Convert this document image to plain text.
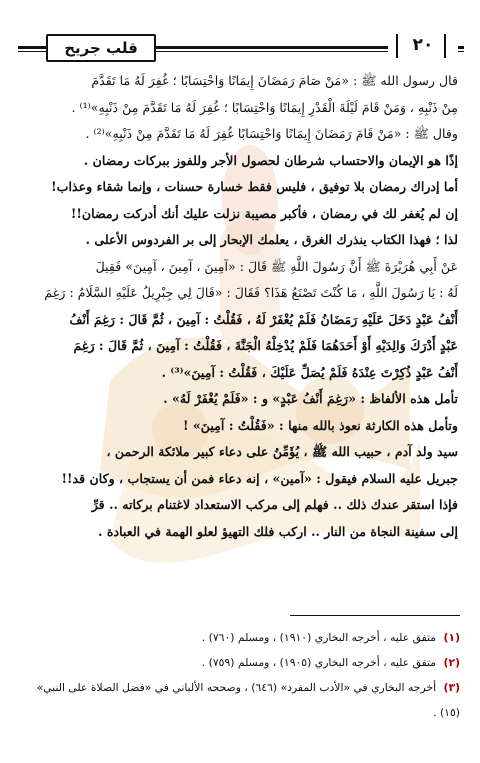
قلب جريح	٢٠
قال رسول الله ﷺ : «مَنْ صَامَ رَمَضَانَ إِيمَانًا وَاحْتِسَابًا ؛ غُفِرَ لَهُ مَا تَقَدَّمَ
مِنْ ذَنْبِهِ ، وَمَنْ قَامَ لَيْلَةَ الْقَدْرِ إِيمَانًا وَاحْتِسَابًا ؛ غُفِرَ لَهُ مَا تَقَدَّمَ مِنْ ذَنْبِهِ»⁽¹⁾ .
وقال ﷺ : «مَنْ قَامَ رَمَضَانَ إِيمَانًا وَاحْتِسَابًا غُفِرَ لَهُ مَا تَقَدَّمَ مِنْ ذَنْبِهِ»⁽²⁾ .
إذًا هو الإيمان والاحتساب شرطان لحصول الأجر وللفوز ببركات رمضان .
أما إدراك رمضان بلا توفيق ، فليس فقط خسارة حسنات ، وإنما شقاء وعذاب!
إن لم يُغفر لك في رمضان ، فأكبر مصيبة نزلت عليك أنك أدركت رمضان!!
لذا ؛ فهذا الكتاب ينذرك الغرق ، يعلمك الإبحار إلى بر الفردوس الأعلى .
عَنْ أَبِي هُرَيْرَةَ ﷺ أَنَّ رَسُولَ اللَّهِ ﷺ قَالَ : «آمِينَ ، آمِينَ ، آمِينَ» فَقِيلَ
لَهُ : يَا رَسُولَ اللَّهِ ، مَا كُنْتَ تَصْنَعُ هَذَا؟ فَقَالَ : «قَالَ لِي جِبْرِيلُ عَلَيْهِ السَّلَامُ : رَغِمَ
أَنْفُ عَبْدٍ دَخَلَ عَلَيْهِ رَمَضَانُ فَلَمْ يُغْفَرْ لَهُ ، فَقُلْتُ : آمِينَ ، ثُمَّ قَالَ : رَغِمَ أَنْفُ
عَبْدٍ أَدْرَكَ وَالِدَيْهِ أَوْ أَحَدَهُمَا فَلَمْ يُدْخِلْهُ الْجَنَّةَ ، فَقُلْتُ : آمِينَ ، ثُمَّ قَالَ : رَغِمَ
أَنْفُ عَبْدٍ ذُكِرْتَ عِنْدَهُ فَلَمْ يُصَلِّ عَلَيْكَ ، فَقُلْتُ : آمِينَ»⁽³⁾ .
تأمل هذه الألفاظ : «رَغِمَ أَنْفُ عَبْدٍ» و : «فَلَمْ يُغْفَرْ لَهُ» .
وتأمل هذه الكارثة نعوذ بالله منها : «فَقُلْتُ : آمِينَ» !
سيد ولد آدم ، حبيب الله ﷺ ، يُؤَمِّنُ على دعاء كبير ملائكة الرحمن ،
جبريل عليه السلام فيقول : «آمين» ، إنه دعاء فمن أن يستجاب ، وكان قد!!
فإذا استقر عندك ذلك .. فهلم إلى مركب الاستعداد لاغتنام بركاته .. قرِّ
إلى سفينة النجاة من النار .. اركب فلك التهيؤ لعلو الهمة في العبادة .
(١) متفق عليه ، أخرجه البخاري (١٩١٠) ، ومسلم (٧٦٠) .
(٢) متفق عليه ، أخرجه البخاري (١٩٠٥) ، ومسلم (٧٥٩) .
(٣) أخرجه البخاري في «الأدب المفرد» (٦٤٦) ، وصححه الألباني في «فضل الصلاة على النبي» (١٥) .
